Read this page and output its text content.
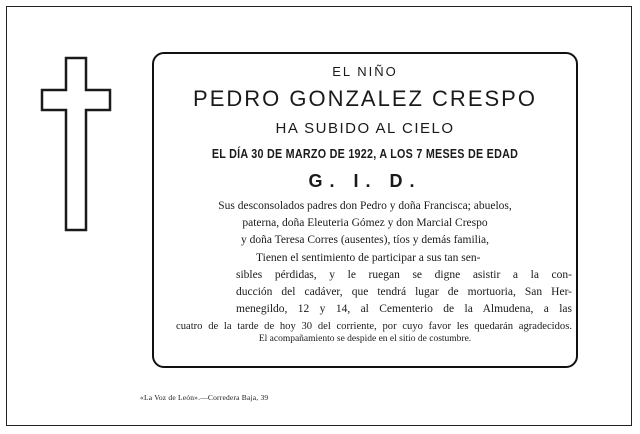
EL NIÑO
PEDRO GONZALEZ CRESPO
HA SUBIDO AL CIELO
EL DÍA 30 DE MARZO DE 1922, A LOS 7 MESES DE EDAD
G. I. D.
Sus desconsolados padres don Pedro y doña Francisca; abuelos,
paterna, doña Eleuteria Gómez y don Marcial Crespo
y doña Teresa Corres (ausentes), tíos y demás familia,
Tienen el sentimiento de participar a sus tan sen-
sibles pérdidas, y le ruegan se digne asistir a la con-
ducción del cadáver, que tendrá lugar de mortuoria, San Her-
menegildo, 12 y 14, al Cementerio de la Almudena, a las
cuatro de la tarde de hoy 30 del corriente, por cuyo favor les quedarán agradecidos.
El acompañamiento se despide en el sitio de costumbre.
«La Voz de León».—Corredera Baja, 39
